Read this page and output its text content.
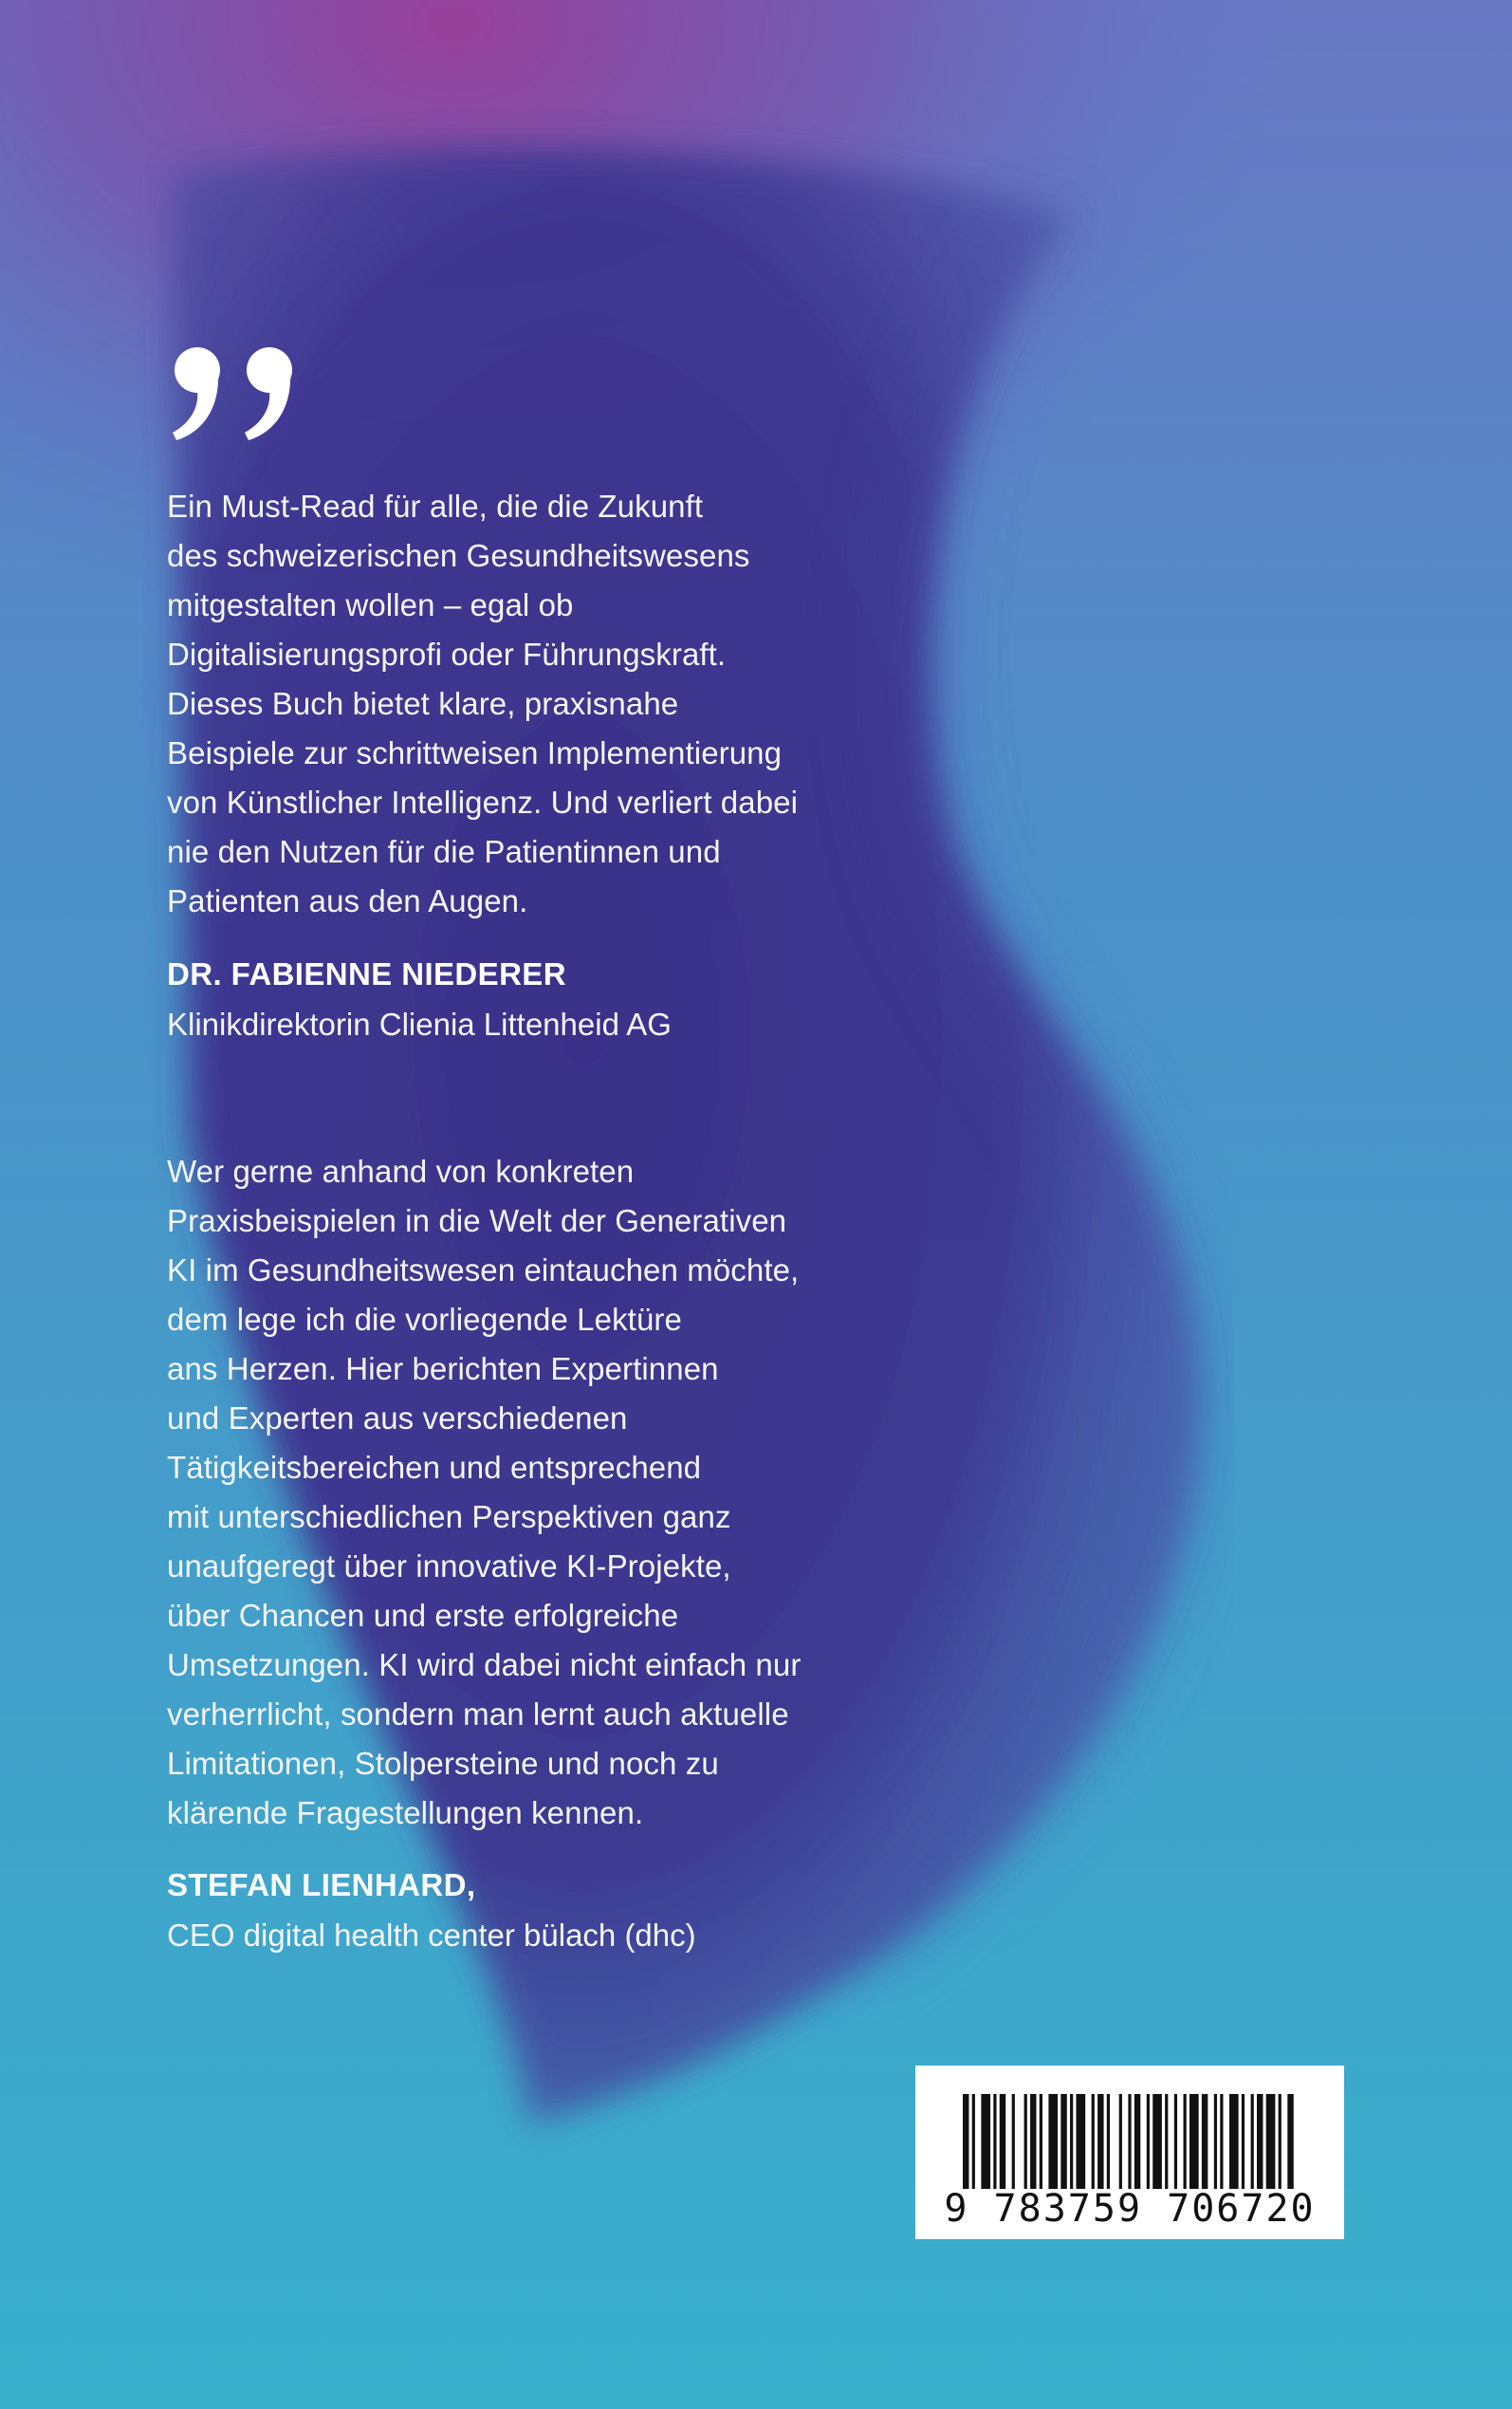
Ein Must-Read für alle, die die Zukunft
des schweizerischen Gesundheitswesens
mitgestalten wollen – egal ob
Digitalisierungsprofi oder Führungskraft.
Dieses Buch bietet klare, praxisnahe
Beispiele zur schrittweisen Implementierung
von Künstlicher Intelligenz. Und verliert dabei
nie den Nutzen für die Patientinnen und
Patienten aus den Augen.

DR. FABIENNE NIEDERER

Klinikdirektorin Clienia Littenheid AG

Wer gerne anhand von konkreten
Praxisbeispielen in die Welt der Generativen
KI im Gesundheitswesen eintauchen möchte,
dem lege ich die vorliegende Lektüre
ans Herzen. Hier berichten Expertinnen
und Experten aus verschiedenen
Tätigkeitsbereichen und entsprechend
mit unterschiedlichen Perspektiven ganz
unaufgeregt über innovative KI-Projekte,
über Chancen und erste erfolgreiche
Umsetzungen. KI wird dabei nicht einfach nur
verherrlicht, sondern man lernt auch aktuelle
Limitationen, Stolpersteine und noch zu
klärende Fragestellungen kennen.

STEFAN LIENHARD,

CEO digital health center bülach (dhc)

9 783759 706720
